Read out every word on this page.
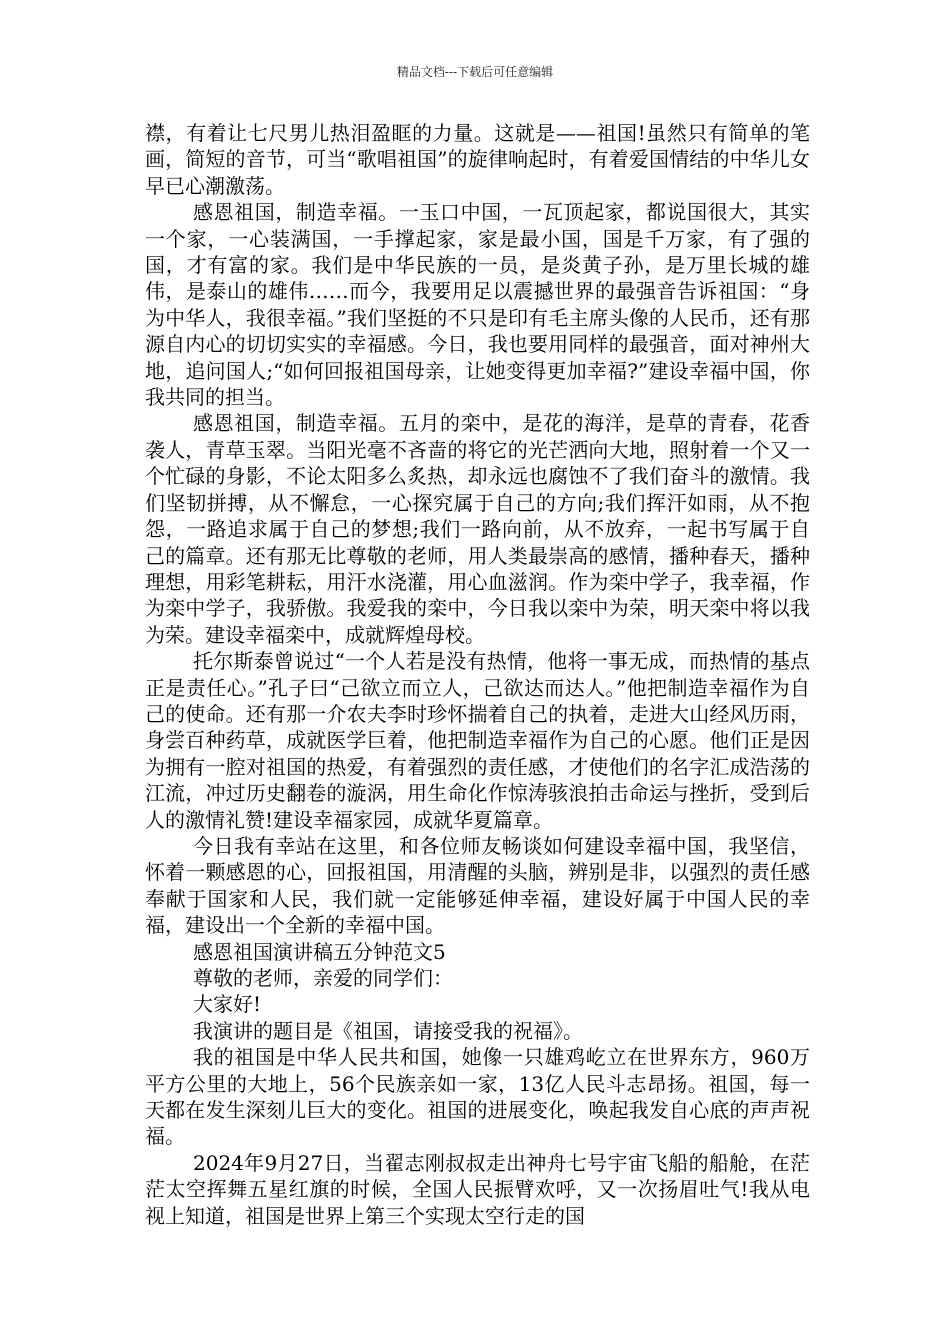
精品文档---下载后可任意编辑

襟，有着让七尺男儿热泪盈眶的力量。这就是——祖国!虽然只有简单的笔画，简短的音节，可当“歌唱祖国”的旋律响起时，有着爱国情结的中华儿女早已心潮激荡。

感恩祖国，制造幸福。一玉口中国，一瓦顶起家，都说国很大，其实一个家，一心装满国，一手撑起家，家是最小国，国是千万家，有了强的国，才有富的家。我们是中华民族的一员，是炎黄子孙，是万里长城的雄伟，是泰山的雄伟……而今，我要用足以震撼世界的最强音告诉祖国：“身为中华人，我很幸福。”我们坚挺的不只是印有毛主席头像的人民币，还有那源自内心的切切实实的幸福感。今日，我也要用同样的最强音，面对神州大地，追问国人;“如何回报祖国母亲，让她变得更加幸福?”建设幸福中国，你我共同的担当。

感恩祖国，制造幸福。五月的栾中，是花的海洋，是草的青春，花香袭人，青草玉翠。当阳光毫不吝啬的将它的光芒洒向大地，照射着一个又一个忙碌的身影，不论太阳多么炙热，却永远也腐蚀不了我们奋斗的激情。我们坚韧拼搏，从不懈怠，一心探究属于自己的方向;我们挥汗如雨，从不抱怨，一路追求属于自己的梦想;我们一路向前，从不放弃，一起书写属于自己的篇章。还有那无比尊敬的老师，用人类最崇高的感情，播种春天，播种理想，用彩笔耕耘，用汗水浇灌，用心血滋润。作为栾中学子，我幸福，作为栾中学子，我骄傲。我爱我的栾中，今日我以栾中为荣，明天栾中将以我为荣。建设幸福栾中，成就辉煌母校。

托尔斯泰曾说过“一个人若是没有热情，他将一事无成，而热情的基点正是责任心。”孔子曰“己欲立而立人，己欲达而达人。”他把制造幸福作为自己的使命。还有那一介农夫李时珍怀揣着自己的执着，走进大山经风历雨，身尝百种药草，成就医学巨着，他把制造幸福作为自己的心愿。他们正是因为拥有一腔对祖国的热爱，有着强烈的责任感，才使他们的名字汇成浩荡的江流，冲过历史翻卷的漩涡，用生命化作惊涛骇浪拍击命运与挫折，受到后人的激情礼赞!建设幸福家园，成就华夏篇章。

今日我有幸站在这里，和各位师友畅谈如何建设幸福中国，我坚信，怀着一颗感恩的心，回报祖国，用清醒的头脑，辨别是非，以强烈的责任感奉献于国家和人民，我们就一定能够延伸幸福，建设好属于中国人民的幸福，建设出一个全新的幸福中国。

感恩祖国演讲稿五分钟范文5

尊敬的老师，亲爱的同学们：

大家好!

我演讲的题目是《祖国，请接受我的祝福》。

我的祖国是中华人民共和国，她像一只雄鸡屹立在世界东方，960万平方公里的大地上，56个民族亲如一家，13亿人民斗志昂扬。祖国，每一天都在发生深刻儿巨大的变化。祖国的进展变化，唤起我发自心底的声声祝福。

2024年9月27日，当翟志刚叔叔走出神舟七号宇宙飞船的船舱，在茫茫太空挥舞五星红旗的时候，全国人民振臂欢呼，又一次扬眉吐气!我从电视上知道，祖国是世界上第三个实现太空行走的国
